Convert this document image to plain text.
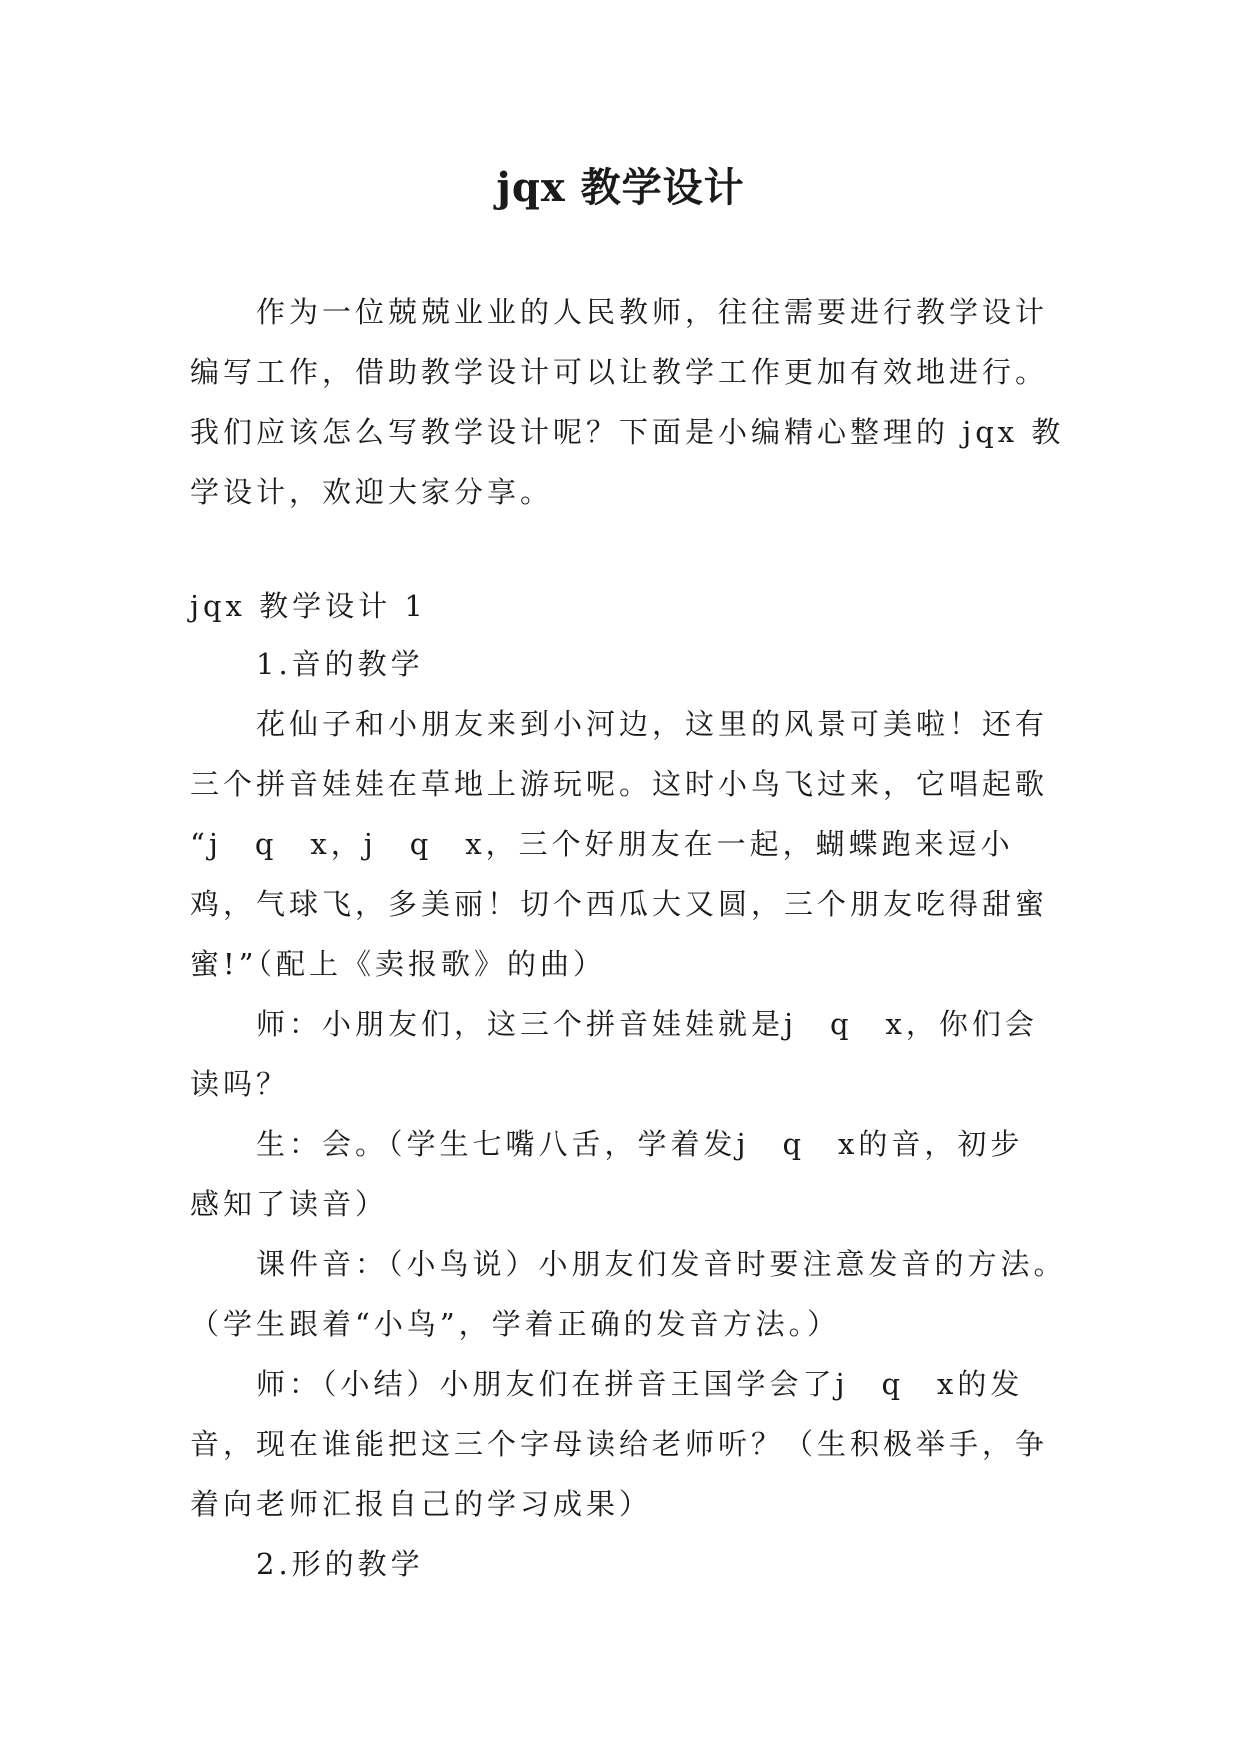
jqx 教学设计
作为一位兢兢业业的人民教师，往往需要进行教学设计
编写工作，借助教学设计可以让教学工作更加有效地进行。
我们应该怎么写教学设计呢？下面是小编精心整理的 jqx 教
学设计，欢迎大家分享。
jqx 教学设计 1
1.音的教学
花仙子和小朋友来到小河边，这里的风景可美啦！还有
三个拼音娃娃在草地上游玩呢。这时小鸟飞过来，它唱起歌
“j　q　x，j　q　x，三个好朋友在一起，蝴蝶跑来逗小
鸡，气球飞，多美丽！切个西瓜大又圆，三个朋友吃得甜蜜
蜜!”（配上《卖报歌》的曲）
师：小朋友们，这三个拼音娃娃就是j　q　x，你们会
读吗？
生：会。（学生七嘴八舌，学着发j　q　x的音，初步
感知了读音）
课件音：（小鸟说）小朋友们发音时要注意发音的方法。
（学生跟着“小鸟”，学着正确的发音方法。）
师：（小结）小朋友们在拼音王国学会了j　q　x的发
音，现在谁能把这三个字母读给老师听？（生积极举手，争
着向老师汇报自己的学习成果）
2.形的教学
